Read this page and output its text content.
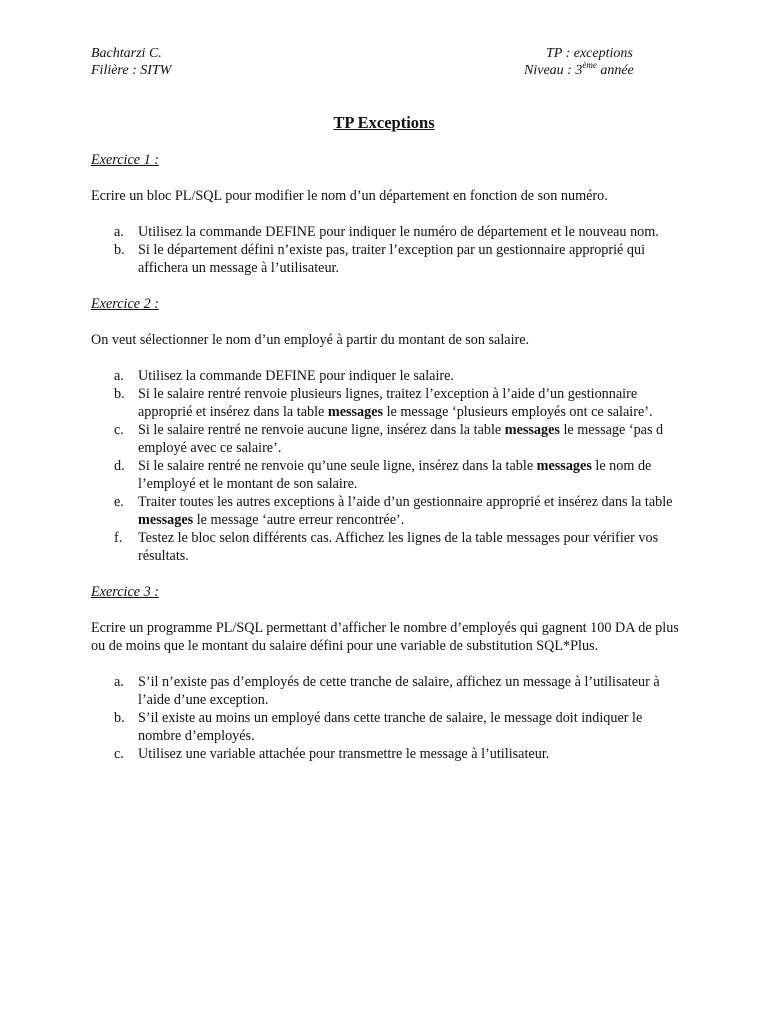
Bachtarzi C.
Filière : SITW
TP : exceptions
Niveau : 3ème année
TP Exceptions

Exercice 1 :

Ecrire un bloc PL/SQL pour modifier le nom d’un département en fonction de son numéro.

a. Utilisez la commande DEFINE pour indiquer le numéro de département et le nouveau nom.
b. Si le département défini n’existe pas, traiter l’exception par un gestionnaire approprié qui affichera un message à l’utilisateur.

Exercice 2 :

On veut sélectionner le nom d’un employé à partir du montant de son salaire.

a. Utilisez la commande DEFINE pour indiquer le salaire.
b. Si le salaire rentré renvoie plusieurs lignes, traitez l’exception à l’aide d’un gestionnaire approprié et insérez dans la table messages le message ‘plusieurs employés ont ce salaire’.
c. Si le salaire rentré ne renvoie aucune ligne, insérez dans la table messages le message ‘pas d employé avec ce salaire’.
d. Si le salaire rentré ne renvoie qu’une seule ligne, insérez dans la table messages le nom de l’employé et le montant de son salaire.
e. Traiter toutes les autres exceptions à l’aide d’un gestionnaire approprié et insérez dans la table messages le message ‘autre erreur rencontrée’.
f. Testez le bloc selon différents cas. Affichez les lignes de la table messages pour vérifier vos résultats.

Exercice 3 :

Ecrire un programme PL/SQL permettant d’afficher le nombre d’employés qui gagnent 100 DA de plus ou de moins que le montant du salaire défini pour une variable de substitution SQL*Plus.

a. S’il n’existe pas d’employés de cette tranche de salaire, affichez un message à l’utilisateur à l’aide d’une exception.
b. S’il existe au moins un employé dans cette tranche de salaire, le message doit indiquer le nombre d’employés.
c. Utilisez une variable attachée pour transmettre le message à l’utilisateur.
